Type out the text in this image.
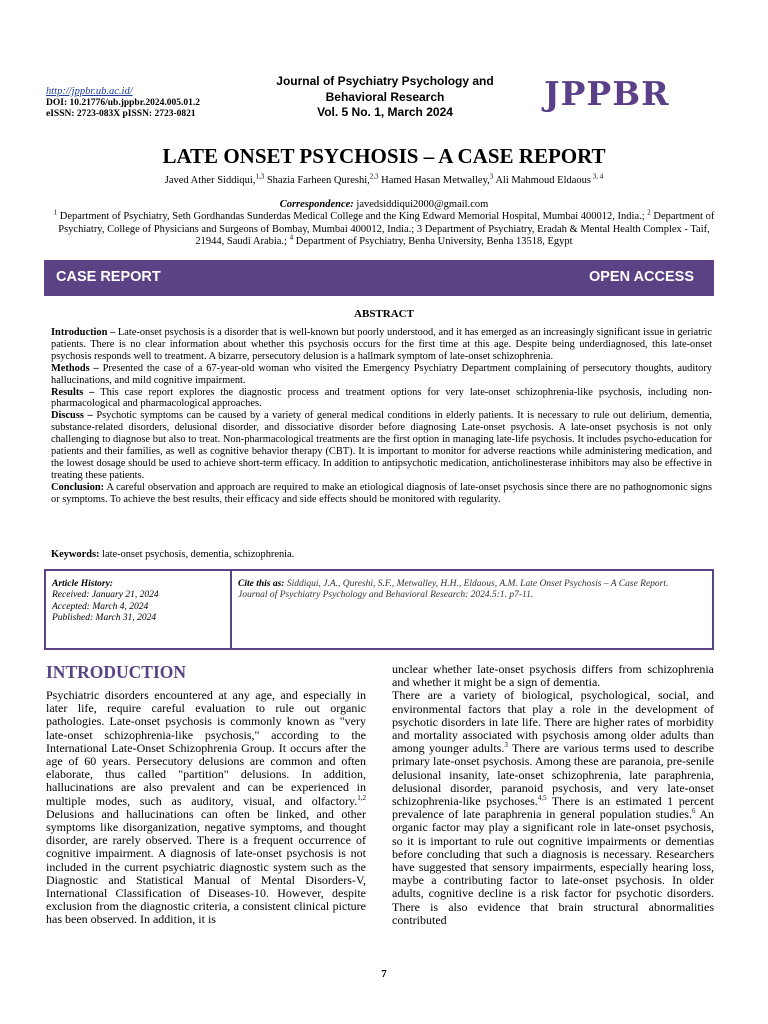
http://jppbr.ub.ac.id/
DOI: 10.21776/ub.jppbr.2024.005.01.2
eISSN: 2723-083X pISSN: 2723-0821
Journal of Psychiatry Psychology and
Behavioral Research
Vol. 5 No. 1, March 2024	JPPBR
LATE ONSET PSYCHOSIS – A CASE REPORT
Javed Ather Siddiqui,$^{1,3}$ Shazia Farheen Qureshi,$^{2,3}$ Hamed Hasan Metwalley,$^3$ Ali Mahmoud Eldaous $^{3, 4}$
Correspondence: javedsiddiqui2000@gmail.com
$^1$ Department of Psychiatry, Seth Gordhandas Sunderdas Medical College and the King Edward Memorial Hospital, Mumbai 400012, India.; $^2$ Department of Psychiatry, College of Physicians and Surgeons of Bombay, Mumbai 400012, India.; 3 Department of Psychiatry, Eradah & Mental Health Complex - Taif, 21944, Saudi Arabia.; $^4$ Department of Psychiatry, Benha University, Benha 13518, Egypt
CASE REPORT	OPEN ACCESS
ABSTRACT

Introduction – Late-onset psychosis is a disorder that is well-known but poorly understood, and it has emerged as an increasingly significant issue in geriatric patients. There is no clear information about whether this psychosis occurs for the first time at this age. Despite being underdiagnosed, this late-onset psychosis responds well to treatment. A bizarre, persecutory delusion is a hallmark symptom of late-onset schizophrenia.

Methods – Presented the case of a 67-year-old woman who visited the Emergency Psychiatry Department complaining of persecutory thoughts, auditory hallucinations, and mild cognitive impairment.

Results – This case report explores the diagnostic process and treatment options for very late-onset schizophrenia-like psychosis, including non-pharmacological and pharmacological approaches.

Discuss – Psychotic symptoms can be caused by a variety of general medical conditions in elderly patients. It is necessary to rule out delirium, dementia, substance-related disorders, delusional disorder, and dissociative disorder before diagnosing Late-onset psychosis. A late-onset psychosis is not only challenging to diagnose but also to treat. Non-pharmacological treatments are the first option in managing late-life psychosis. It includes psycho-education for patients and their families, as well as cognitive behavior therapy (CBT). It is important to monitor for adverse reactions while administering medication, and the lowest dosage should be used to achieve short-term efficacy. In addition to antipsychotic medication, anticholinesterase inhibitors may also be effective in treating these patients.

Conclusion: A careful observation and approach are required to make an etiological diagnosis of late-onset psychosis since there are no pathognomonic signs or symptoms. To achieve the best results, their efficacy and side effects should be monitored with regularity.

Keywords: late-onset psychosis, dementia, schizophrenia.
Article History:
Received: January 21, 2024
Accepted: March 4, 2024
Published: March 31, 2024
Cite this as: Siddiqui, J.A., Qureshi, S.F., Metwalley, H.H., Eldaous, A.M. Late Onset Psychosis – A Case Report. Journal of Psychiatry Psychology and Behavioral Research: 2024.5:1. p7-11.
INTRODUCTION

Psychiatric disorders encountered at any age, and especially in later life, require careful evaluation to rule out organic pathologies. Late-onset psychosis is commonly known as "very late-onset schizophrenia-like psychosis," according to the International Late-Onset Schizophrenia Group. It occurs after the age of 60 years. Persecutory delusions are common and often elaborate, thus called "partition" delusions. In addition, hallucinations are also prevalent and can be experienced in multiple modes, such as auditory, visual, and olfactory.$^{1,2}$ Delusions and hallucinations can often be linked, and other symptoms like disorganization, negative symptoms, and thought disorder, are rarely observed. There is a frequent occurrence of cognitive impairment. A diagnosis of late-onset psychosis is not included in the current psychiatric diagnostic system such as the Diagnostic and Statistical Manual of Mental Disorders-V, International Classification of Diseases-10. However, despite exclusion from the diagnostic criteria, a consistent clinical picture has been observed. In addition, it is

unclear whether late-onset psychosis differs from schizophrenia and whether it might be a sign of dementia.

There are a variety of biological, psychological, social, and environmental factors that play a role in the development of psychotic disorders in late life. There are higher rates of morbidity and mortality associated with psychosis among older adults than among younger adults.$^3$ There are various terms used to describe primary late-onset psychosis. Among these are paranoia, pre-senile delusional insanity, late-onset schizophrenia, late paraphrenia, delusional disorder, paranoid psychosis, and very late-onset schizophrenia-like psychoses.$^{4,5}$ There is an estimated 1 percent prevalence of late paraphrenia in general population studies.$^6$ An organic factor may play a significant role in late-onset psychosis, so it is important to rule out cognitive impairments or dementias before concluding that such a diagnosis is necessary. Researchers have suggested that sensory impairments, especially hearing loss, maybe a contributing factor to late-onset psychosis. In older adults, cognitive decline is a risk factor for psychotic disorders. There is also evidence that brain structural abnormalities contributed

7
